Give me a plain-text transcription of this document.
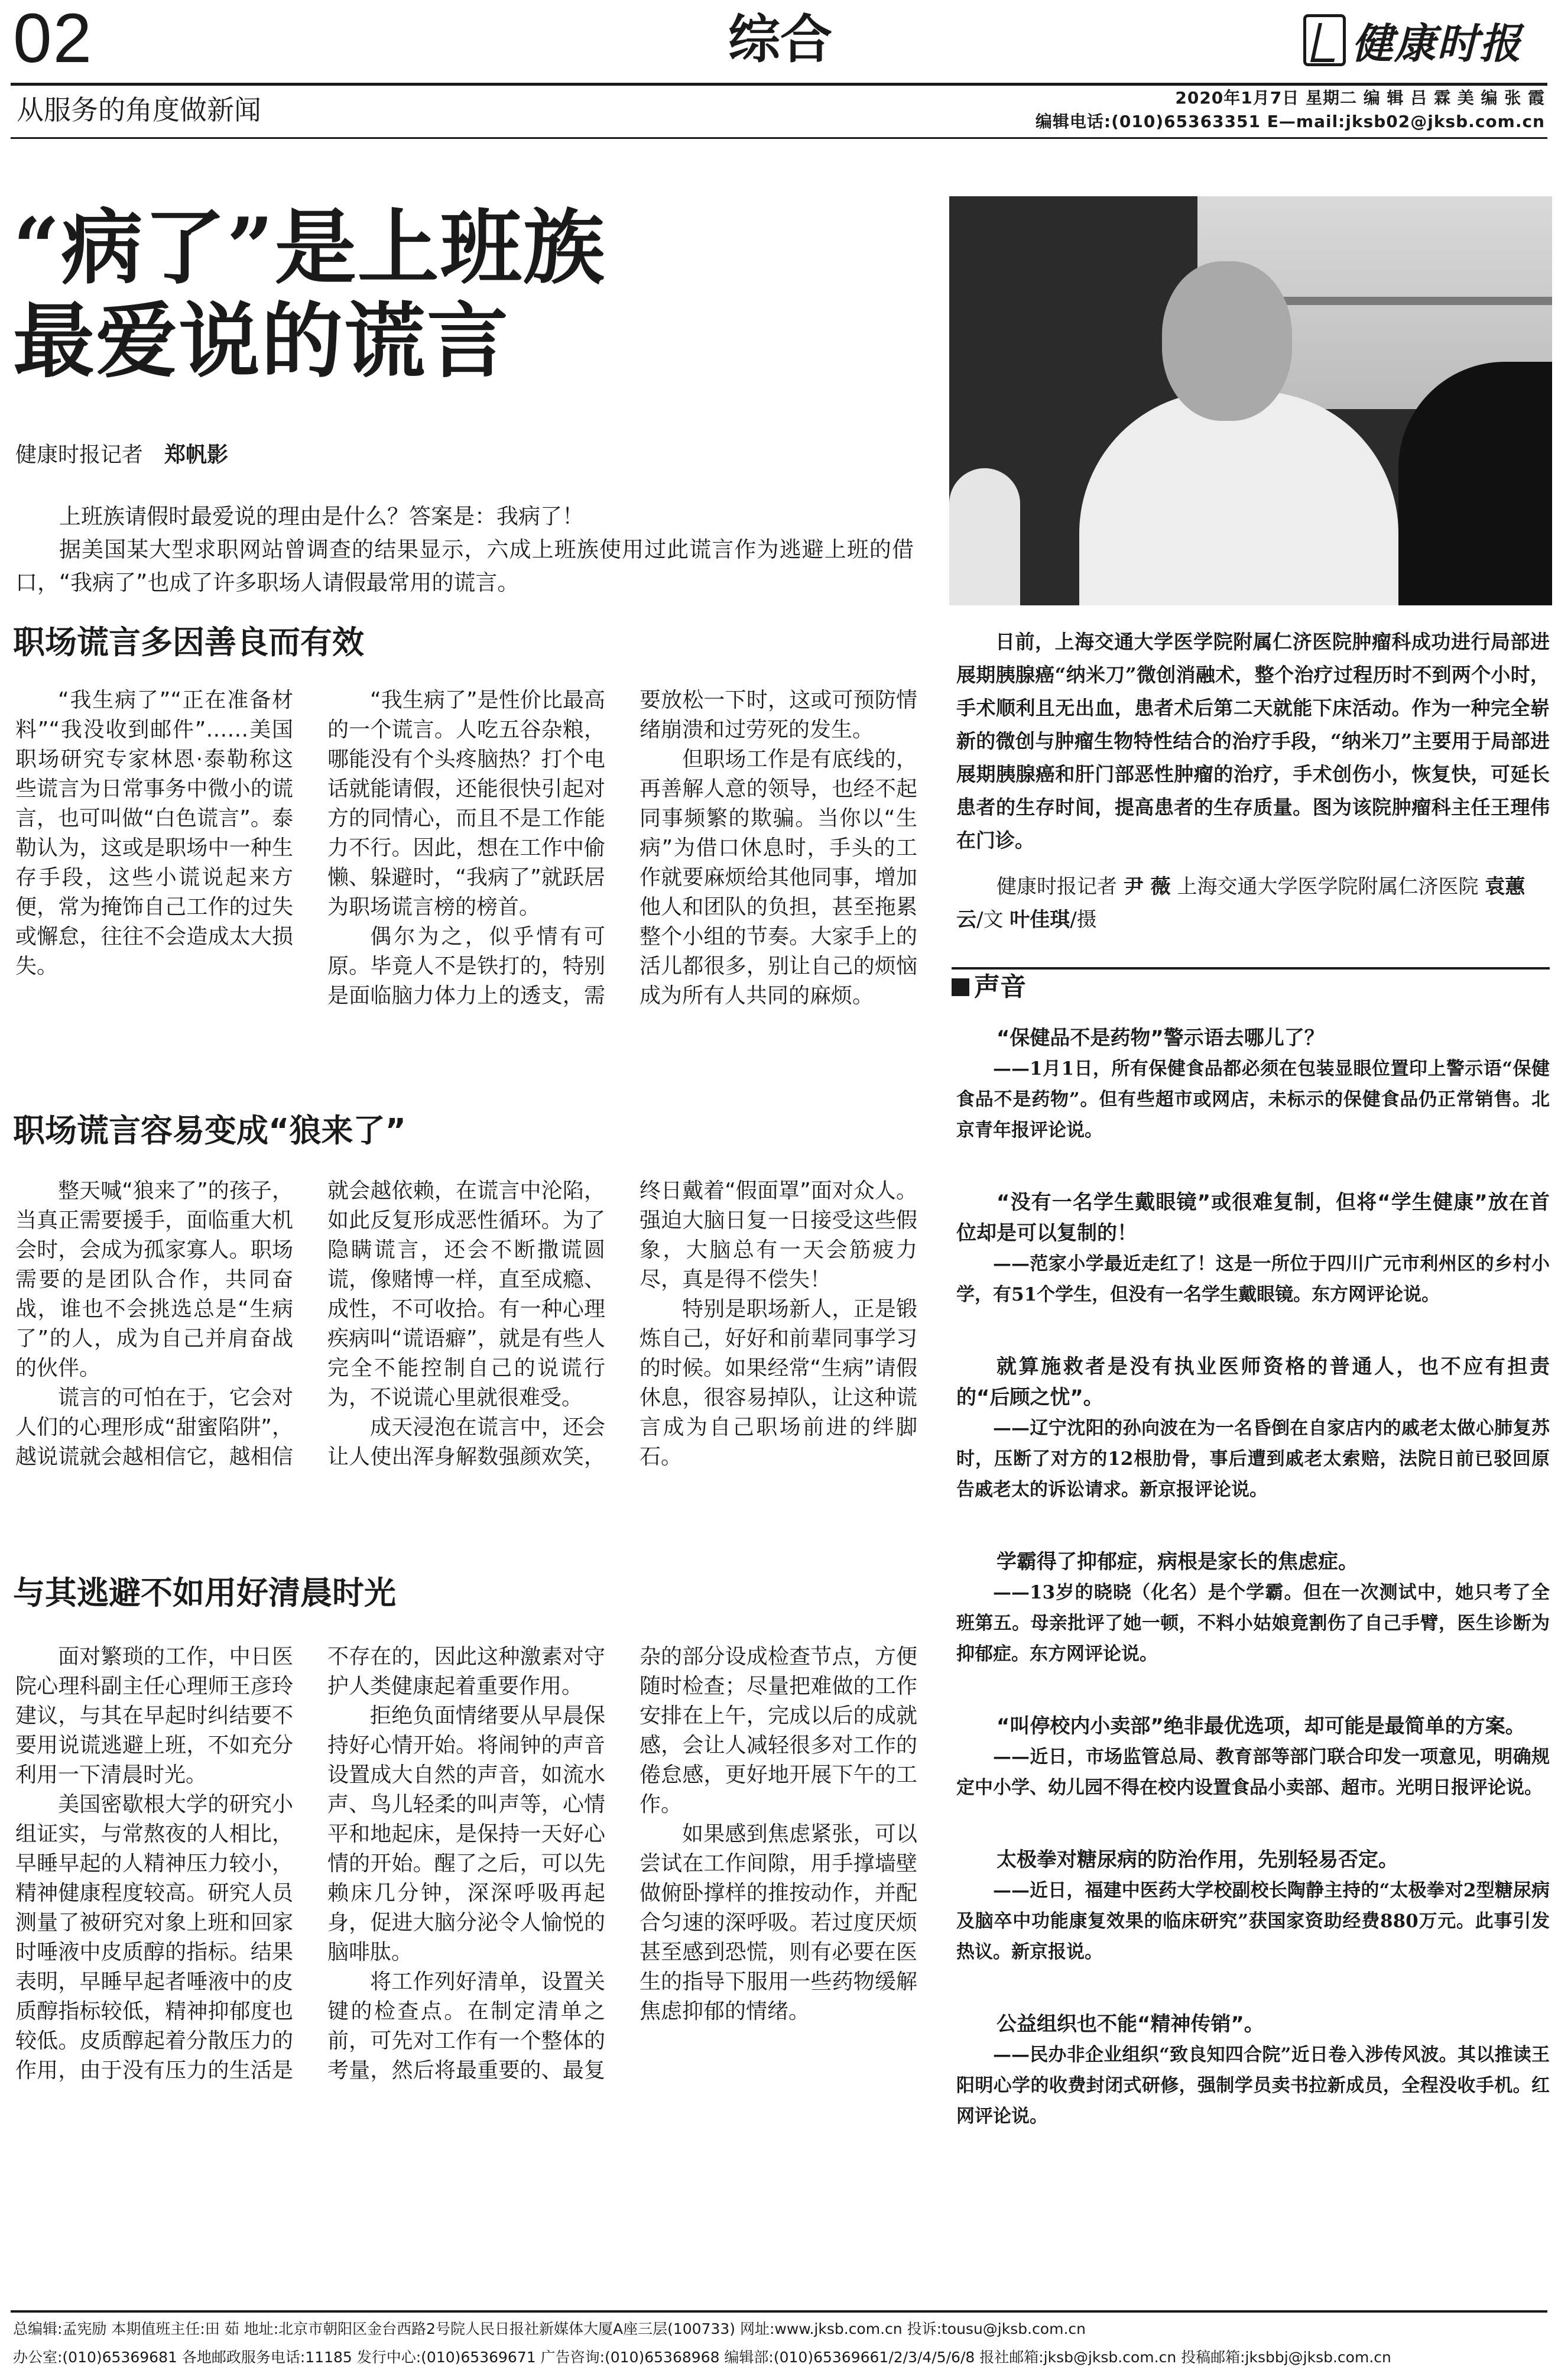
02	综合	健康时报
从服务的角度做新闻	2020年1月7日 星期二 编 辑 吕 霖 美 编 张 霞
编辑电话:(010)65363351 E—mail:jksb02@jksb.com.cn
“病了”是上班族
最爱说的谎言
健康时报记者 郑帆影

上班族请假时最爱说的理由是什么？答案是：我病了！

据美国某大型求职网站曾调查的结果显示，六成上班族使用过此谎言作为逃避上班的借口，“我病了”也成了许多职场人请假最常用的谎言。

职场谎言多因善良而有效

“我生病了”“正在准备材料”“我没收到邮件”……美国职场研究专家林恩·泰勒称这些谎言为日常事务中微小的谎言，也可叫做“白色谎言”。泰勒认为，这或是职场中一种生存手段，这些小谎说起来方便，常为掩饰自己工作的过失或懈怠，往往不会造成太大损失。

“我生病了”是性价比最高的一个谎言。人吃五谷杂粮，哪能没有个头疼脑热？打个电话就能请假，还能很快引起对方的同情心，而且不是工作能力不行。因此，想在工作中偷懒、躲避时，“我病了”就跃居为职场谎言榜的榜首。

偶尔为之，似乎情有可原。毕竟人不是铁打的，特别是面临脑力体力上的透支，需要放松一下时，这或可预防情绪崩溃和过劳死的发生。

但职场工作是有底线的，再善解人意的领导，也经不起同事频繁的欺骗。当你以“生病”为借口休息时，手头的工作就要麻烦给其他同事，增加他人和团队的负担，甚至拖累整个小组的节奏。大家手上的活儿都很多，别让自己的烦恼成为所有人共同的麻烦。

职场谎言容易变成“狼来了”

整天喊“狼来了”的孩子，当真正需要援手，面临重大机会时，会成为孤家寡人。职场需要的是团队合作，共同奋战，谁也不会挑选总是“生病了”的人，成为自己并肩奋战的伙伴。

谎言的可怕在于，它会对人们的心理形成“甜蜜陷阱”，越说谎就会越相信它，越相信就会越依赖，在谎言中沦陷，如此反复形成恶性循环。为了隐瞒谎言，还会不断撒谎圆谎，像赌博一样，直至成瘾、成性，不可收拾。有一种心理疾病叫“谎语癖”，就是有些人完全不能控制自己的说谎行为，不说谎心里就很难受。

成天浸泡在谎言中，还会让人使出浑身解数强颜欢笑，终日戴着“假面罩”面对众人。强迫大脑日复一日接受这些假象，大脑总有一天会筋疲力尽，真是得不偿失！

特别是职场新人，正是锻炼自己，好好和前辈同事学习的时候。如果经常“生病”请假休息，很容易掉队，让这种谎言成为自己职场前进的绊脚石。

与其逃避不如用好清晨时光

面对繁琐的工作，中日医院心理科副主任心理师王彦玲建议，与其在早起时纠结要不要用说谎逃避上班，不如充分利用一下清晨时光。

美国密歇根大学的研究小组证实，与常熬夜的人相比，早睡早起的人精神压力较小，精神健康程度较高。研究人员测量了被研究对象上班和回家时唾液中皮质醇的指标。结果表明，早睡早起者唾液中的皮质醇指标较低，精神抑郁度也较低。皮质醇起着分散压力的作用，由于没有压力的生活是不存在的，因此这种激素对守护人类健康起着重要作用。

拒绝负面情绪要从早晨保持好心情开始。将闹钟的声音设置成大自然的声音，如流水声、鸟儿轻柔的叫声等，心情平和地起床，是保持一天好心情的开始。醒了之后，可以先赖床几分钟，深深呼吸再起身，促进大脑分泌令人愉悦的脑啡肽。

将工作列好清单，设置关键的检查点。在制定清单之前，可先对工作有一个整体的考量，然后将最重要的、最复杂的部分设成检查节点，方便随时检查；尽量把难做的工作安排在上午，完成以后的成就感，会让人减轻很多对工作的倦怠感，更好地开展下午的工作。

如果感到焦虑紧张，可以尝试在工作间隙，用手撑墙壁做俯卧撑样的推按动作，并配合匀速的深呼吸。若过度厌烦甚至感到恐慌，则有必要在医生的指导下服用一些药物缓解焦虑抑郁的情绪。

日前，上海交通大学医学院附属仁济医院肿瘤科成功进行局部进展期胰腺癌“纳米刀”微创消融术，整个治疗过程历时不到两个小时，手术顺利且无出血，患者术后第二天就能下床活动。作为一种完全崭新的微创与肿瘤生物特性结合的治疗手段，“纳米刀”主要用于局部进展期胰腺癌和肝门部恶性肿瘤的治疗，手术创伤小，恢复快，可延长患者的生存时间，提高患者的生存质量。图为该院肿瘤科主任王理伟在门诊。

健康时报记者 尹 薇 上海交通大学医学院附属仁济医院 袁蕙云/文 叶佳琪/摄

声音

“保健品不是药物”警示语去哪儿了？

——1月1日，所有保健食品都必须在包装显眼位置印上警示语“保健食品不是药物”。但有些超市或网店，未标示的保健食品仍正常销售。北京青年报评论说。

“没有一名学生戴眼镜”或很难复制，但将“学生健康”放在首位却是可以复制的！

——范家小学最近走红了！这是一所位于四川广元市利州区的乡村小学，有51个学生，但没有一名学生戴眼镜。东方网评论说。

就算施救者是没有执业医师资格的普通人，也不应有担责的“后顾之忧”。

——辽宁沈阳的孙向波在为一名昏倒在自家店内的戚老太做心肺复苏时，压断了对方的12根肋骨，事后遭到戚老太索赔，法院日前已驳回原告戚老太的诉讼请求。新京报评论说。

学霸得了抑郁症，病根是家长的焦虑症。

——13岁的晓晓（化名）是个学霸。但在一次测试中，她只考了全班第五。母亲批评了她一顿，不料小姑娘竟割伤了自己手臂，医生诊断为抑郁症。东方网评论说。

“叫停校内小卖部”绝非最优选项，却可能是最简单的方案。

——近日，市场监管总局、教育部等部门联合印发一项意见，明确规定中小学、幼儿园不得在校内设置食品小卖部、超市。光明日报评论说。

太极拳对糖尿病的防治作用，先别轻易否定。

——近日，福建中医药大学校副校长陶静主持的“太极拳对2型糖尿病及脑卒中功能康复效果的临床研究”获国家资助经费880万元。此事引发热议。新京报说。

公益组织也不能“精神传销”。

——民办非企业组织“致良知四合院”近日卷入涉传风波。其以推读王阳明心学的收费封闭式研修，强制学员卖书拉新成员，全程没收手机。红网评论说。

总编辑:孟宪励 本期值班主任:田 茹 地址:北京市朝阳区金台西路2号院人民日报社新媒体大厦A座三层(100733) 网址:www.jksb.com.cn 投诉:tousu@jksb.com.cn
办公室:(010)65369681 各地邮政服务电话:11185 发行中心:(010)65369671 广告咨询:(010)65368968 编辑部:(010)65369661/2/3/4/5/6/8 报社邮箱:jksb@jksb.com.cn 投稿邮箱:jksbbj@jksb.com.cn
